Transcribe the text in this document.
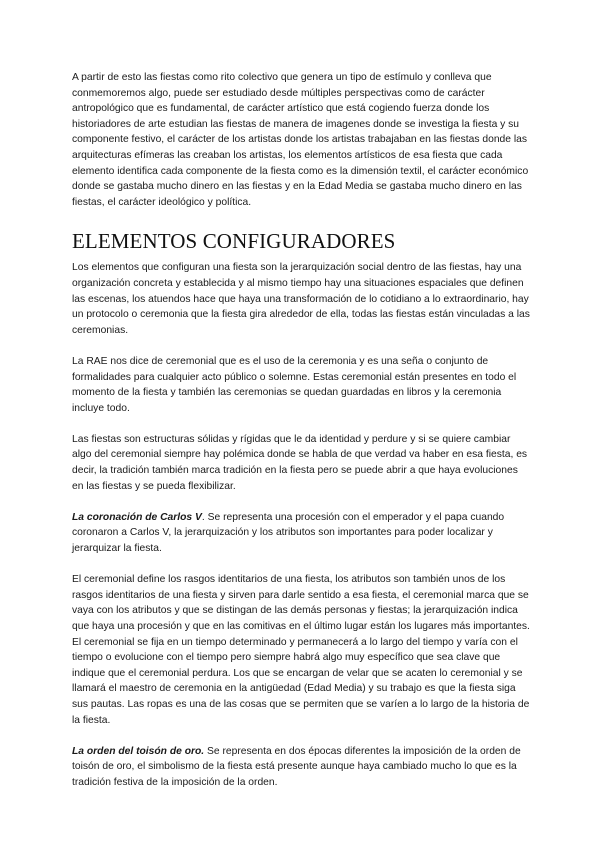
A partir de esto las fiestas como rito colectivo que genera un tipo de estímulo y conlleva que conmemoremos algo, puede ser estudiado desde múltiples perspectivas como de carácter antropológico que es fundamental, de carácter artístico que está cogiendo fuerza donde los historiadores de arte estudian las fiestas de manera de imagenes donde se investiga la fiesta y su componente festivo, el carácter de los artistas donde los artistas trabajaban en las fiestas donde las arquitecturas efímeras las creaban los artistas, los elementos artísticos de esa fiesta que cada elemento identifica cada componente de la fiesta como es la dimensión textil, el carácter económico donde se gastaba mucho dinero en las fiestas y en la Edad Media se gastaba mucho dinero en las fiestas, el carácter ideológico y política.

ELEMENTOS CONFIGURADORES

Los elementos que configuran una fiesta son la jerarquización social dentro de las fiestas, hay una organización concreta y establecida y al mismo tiempo hay una situaciones espaciales que definen las escenas, los atuendos hace que haya una transformación de lo cotidiano a lo extraordinario, hay un protocolo o ceremonia que la fiesta gira alrededor de ella, todas las fiestas están vinculadas a las ceremonias.

La RAE nos dice de ceremonial que es el uso de la ceremonia y es una seña o conjunto de formalidades para cualquier acto público o solemne. Estas ceremonial están presentes en todo el momento de la fiesta y también las ceremonias se quedan guardadas en libros y la ceremonia incluye todo.

Las fiestas son estructuras sólidas y rígidas que le da identidad y perdure y si se quiere cambiar algo del ceremonial siempre hay polémica donde se habla de que verdad va haber en esa fiesta, es decir, la tradición también marca tradición en la fiesta pero se puede abrir a que haya evoluciones en las fiestas y se pueda flexibilizar.

La coronación de Carlos V. Se representa una procesión con el emperador y el papa cuando coronaron a Carlos V, la jerarquización y los atributos son importantes para poder localizar y jerarquizar la fiesta.

El ceremonial define los rasgos identitarios de una fiesta, los atributos son también unos de los rasgos identitarios de una fiesta y sirven para darle sentido a esa fiesta, el ceremonial marca que se vaya con los atributos y que se distingan de las demás personas y fiestas; la jerarquización indica que haya una procesión y que en las comitivas en el último lugar están los lugares más importantes. El ceremonial se fija en un tiempo determinado y permanecerá a lo largo del tiempo y varía con el tiempo o evolucione con el tiempo pero siempre habrá algo muy específico que sea clave que indique que el ceremonial perdura. Los que se encargan de velar que se acaten lo ceremonial y se llamará el maestro de ceremonia en la antigüedad (Edad Media) y su trabajo es que la fiesta siga sus pautas. Las ropas es una de las cosas que se permiten que se varíen a lo largo de la historia de la fiesta.

La orden del toisón de oro. Se representa en dos épocas diferentes la imposición de la orden de toisón de oro, el simbolismo de la fiesta está presente aunque haya cambiado mucho lo que es la tradición festiva de la imposición de la orden.
